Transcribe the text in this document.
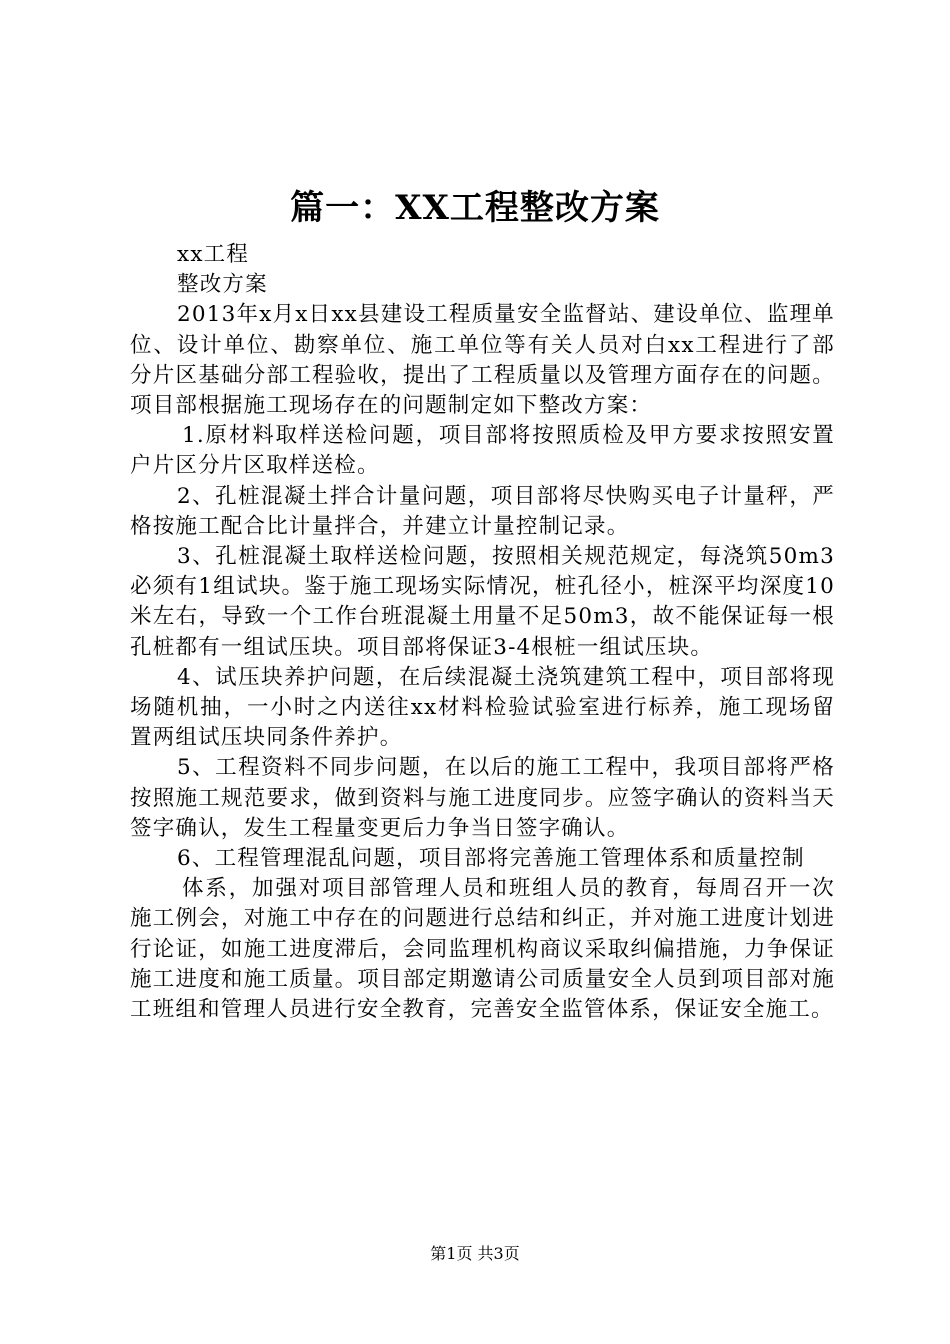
篇一：XX工程整改方案

xx工程

整改方案

2013年x月x日xx县建设工程质量安全监督站、建设单位、监理单位、设计单位、勘察单位、施工单位等有关人员对白xx工程进行了部分片区基础分部工程验收，提出了工程质量以及管理方面存在的问题。项目部根据施工现场存在的问题制定如下整改方案：

1.原材料取样送检问题，项目部将按照质检及甲方要求按照安置户片区分片区取样送检。

2、孔桩混凝土拌合计量问题，项目部将尽快购买电子计量秤，严格按施工配合比计量拌合，并建立计量控制记录。

3、孔桩混凝土取样送检问题，按照相关规范规定，每浇筑50m3必须有1组试块。鉴于施工现场实际情况，桩孔径小，桩深平均深度10米左右，导致一个工作台班混凝土用量不足50m3，故不能保证每一根孔桩都有一组试压块。项目部将保证3-4根桩一组试压块。

4、试压块养护问题，在后续混凝土浇筑建筑工程中，项目部将现场随机抽，一小时之内送往xx材料检验试验室进行标养，施工现场留置两组试压块同条件养护。

5、工程资料不同步问题，在以后的施工工程中，我项目部将严格按照施工规范要求，做到资料与施工进度同步。应签字确认的资料当天签字确认，发生工程量变更后力争当日签字确认。

6、工程管理混乱问题，项目部将完善施工管理体系和质量控制

体系，加强对项目部管理人员和班组人员的教育，每周召开一次施工例会，对施工中存在的问题进行总结和纠正，并对施工进度计划进行论证，如施工进度滞后，会同监理机构商议采取纠偏措施，力争保证施工进度和施工质量。项目部定期邀请公司质量安全人员到项目部对施工班组和管理人员进行安全教育，完善安全监管体系，保证安全施工。

第1页 共3页
